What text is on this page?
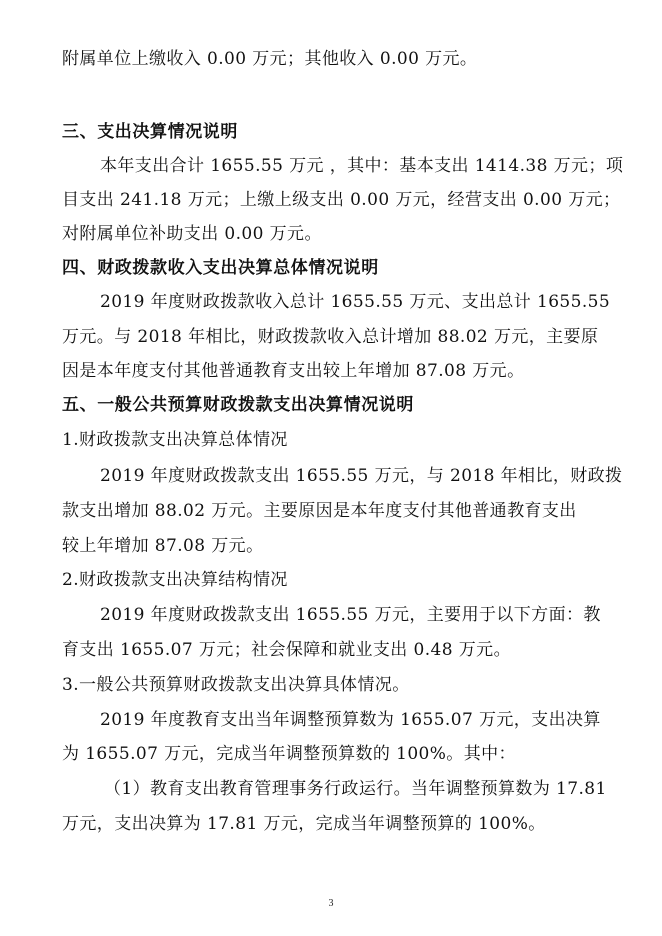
附属单位上缴收入 0.00 万元；其他收入 0.00 万元。
三、支出决算情况说明
本年支出合计 1655.55 万元 ，其中：基本支出 1414.38 万元；项
目支出 241.18 万元；上缴上级支出 0.00 万元，经营支出 0.00 万元；
对附属单位补助支出 0.00 万元。
四、财政拨款收入支出决算总体情况说明
2019 年度财政拨款收入总计 1655.55 万元、支出总计 1655.55
万元。与 2018 年相比，财政拨款收入总计增加 88.02 万元，主要原
因是本年度支付其他普通教育支出较上年增加 87.08 万元。
五、一般公共预算财政拨款支出决算情况说明
1.财政拨款支出决算总体情况
2019 年度财政拨款支出 1655.55 万元，与 2018 年相比，财政拨
款支出增加 88.02 万元。主要原因是本年度支付其他普通教育支出
较上年增加 87.08 万元。
2.财政拨款支出决算结构情况
2019 年度财政拨款支出 1655.55 万元，主要用于以下方面：教
育支出 1655.07 万元；社会保障和就业支出 0.48 万元。
3.一般公共预算财政拨款支出决算具体情况。
2019 年度教育支出当年调整预算数为 1655.07 万元，支出决算
为 1655.07 万元，完成当年调整预算数的 100%。其中：
（1）教育支出教育管理事务行政运行。当年调整预算数为 17.81
万元，支出决算为 17.81 万元，完成当年调整预算的 100%。
3
